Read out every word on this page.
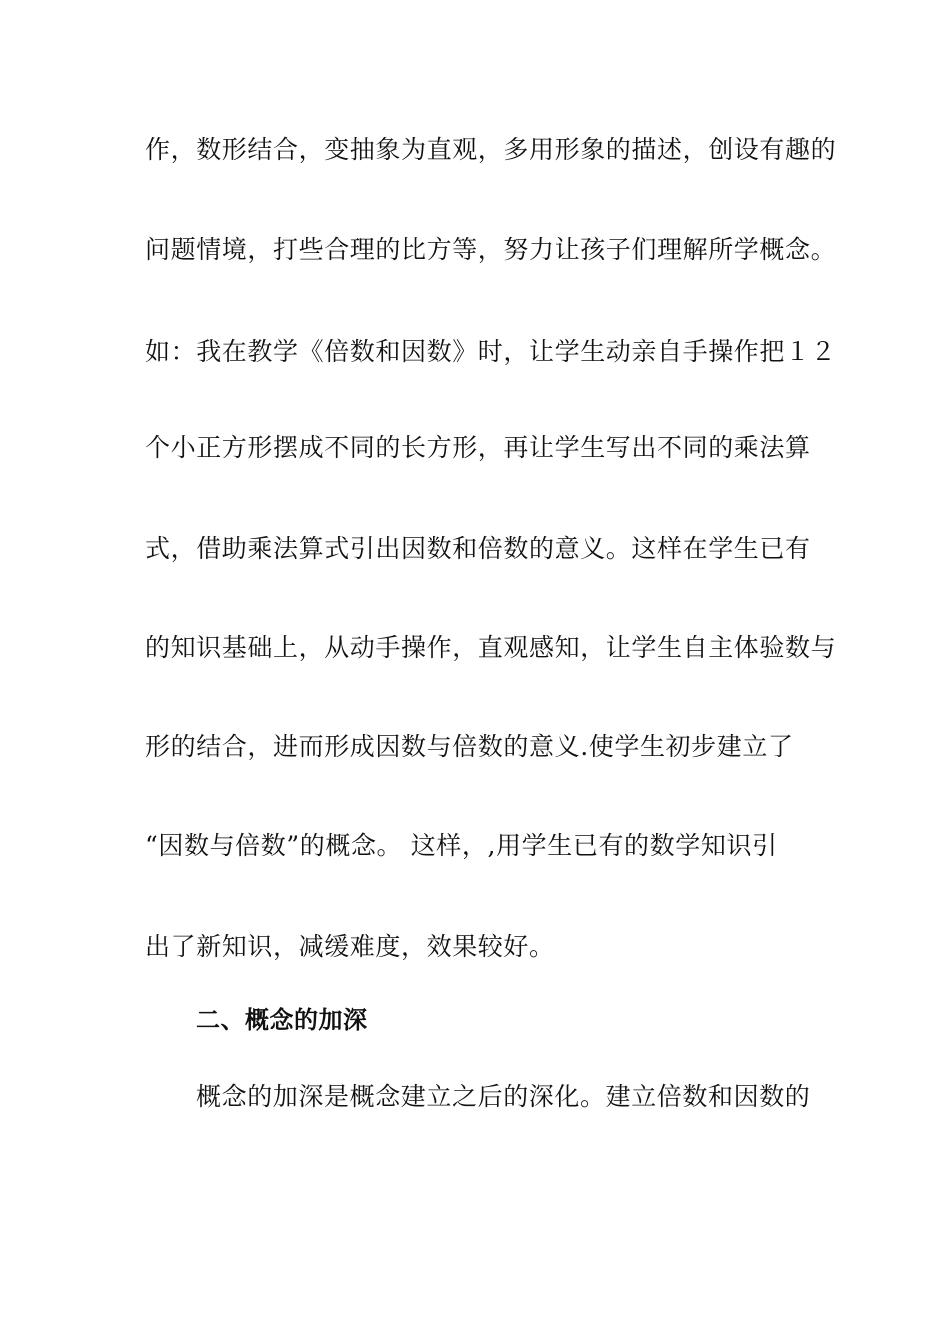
作，数形结合，变抽象为直观，多用形象的描述，创设有趣的
问题情境，打些合理的比方等，努力让孩子们理解所学概念。
如：我在教学《倍数和因数》时，让学生动亲自手操作把１２
个小正方形摆成不同的长方形，再让学生写出不同的乘法算
式，借助乘法算式引出因数和倍数的意义。这样在学生已有
的知识基础上，从动手操作，直观感知，让学生自主体验数与
形的结合，进而形成因数与倍数的意义.使学生初步建立了
“因数与倍数”的概念。 这样，,用学生已有的数学知识引
出了新知识，减缓难度，效果较好。
二、概念的加深
概念的加深是概念建立之后的深化。建立倍数和因数的
